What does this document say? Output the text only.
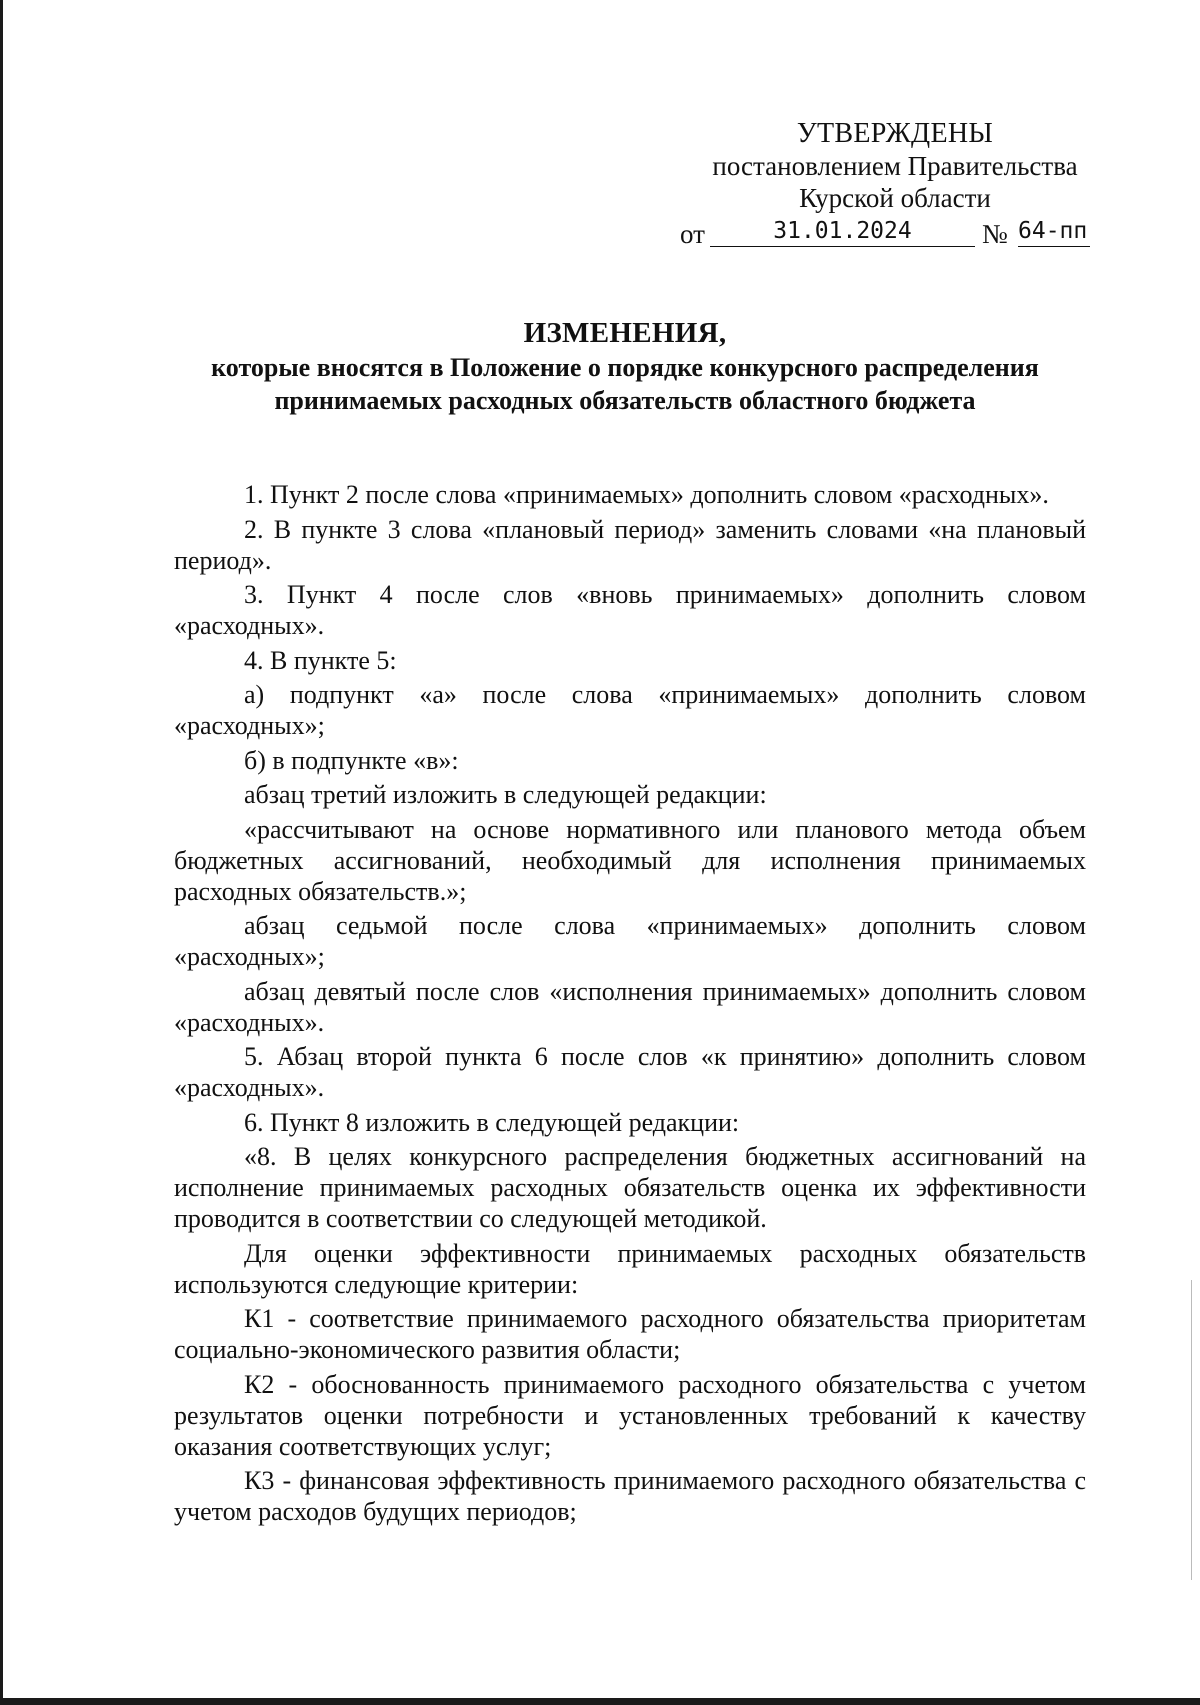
УТВЕРЖДЕНЫ
постановлением Правительства
Курской области
от	31.01.2024	№ 64-пп
ИЗМЕНЕНИЯ,
которые вносятся в Положение о порядке конкурсного распределения
принимаемых расходных обязательств областного бюджета

1. Пункт 2 после слова «принимаемых» дополнить словом «расходных».

2. В пункте 3 слова «плановый период» заменить словами «на плановый период».

3. Пункт 4 после слов «вновь принимаемых» дополнить словом «расходных».

4. В пункте 5:

а) подпункт «а» после слова «принимаемых» дополнить словом «расходных»;

б) в подпункте «в»:

абзац третий изложить в следующей редакции:

«рассчитывают на основе нормативного или планового метода объем бюджетных ассигнований, необходимый для исполнения принимаемых расходных обязательств.»;

абзац седьмой после слова «принимаемых» дополнить словом «расходных»;

абзац девятый после слов «исполнения принимаемых» дополнить словом «расходных».

5. Абзац второй пункта 6 после слов «к принятию» дополнить словом «расходных».

6. Пункт 8 изложить в следующей редакции:

«8. В целях конкурсного распределения бюджетных ассигнований на исполнение принимаемых расходных обязательств оценка их эффективности проводится в соответствии со следующей методикой.

Для оценки эффективности принимаемых расходных обязательств используются следующие критерии:

К1 - соответствие принимаемого расходного обязательства приоритетам социально-экономического развития области;

К2 - обоснованность принимаемого расходного обязательства с учетом результатов оценки потребности и установленных требований к качеству оказания соответствующих услуг;

К3 - финансовая эффективность принимаемого расходного обязательства с учетом расходов будущих периодов;
